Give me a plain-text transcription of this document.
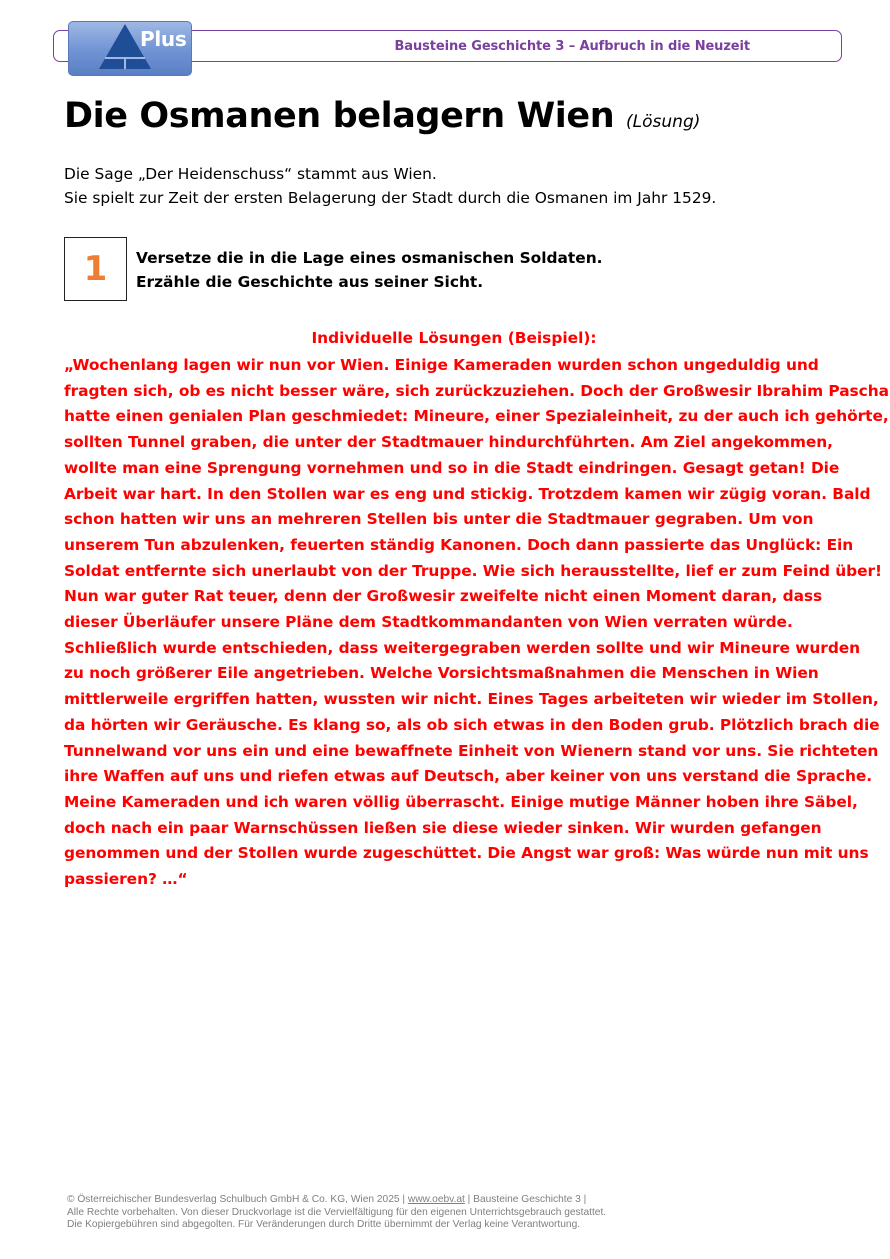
Bausteine Geschichte 3 – Aufbruch in die Neuzeit
Plus
Die Osmanen belagern Wien (Lösung)
Die Sage „Der Heidenschuss“ stammt aus Wien.
Sie spielt zur Zeit der ersten Belagerung der Stadt durch die Osmanen im Jahr 1529.
1 Versetze die in die Lage eines osmanischen Soldaten.
Erzähle die Geschichte aus seiner Sicht.
Individuelle Lösungen (Beispiel):
„Wochenlang lagen wir nun vor Wien. Einige Kameraden wurden schon ungeduldig und
fragten sich, ob es nicht besser wäre, sich zurückzuziehen. Doch der Großwesir Ibrahim Pascha
hatte einen genialen Plan geschmiedet: Mineure, einer Spezialeinheit, zu der auch ich gehörte,
sollten Tunnel graben, die unter der Stadtmauer hindurchführten. Am Ziel angekommen,
wollte man eine Sprengung vornehmen und so in die Stadt eindringen. Gesagt getan! Die
Arbeit war hart. In den Stollen war es eng und stickig. Trotzdem kamen wir zügig voran. Bald
schon hatten wir uns an mehreren Stellen bis unter die Stadtmauer gegraben. Um von
unserem Tun abzulenken, feuerten ständig Kanonen. Doch dann passierte das Unglück: Ein
Soldat entfernte sich unerlaubt von der Truppe. Wie sich herausstellte, lief er zum Feind über!
Nun war guter Rat teuer, denn der Großwesir zweifelte nicht einen Moment daran, dass
dieser Überläufer unsere Pläne dem Stadtkommandanten von Wien verraten würde.
Schließlich wurde entschieden, dass weitergegraben werden sollte und wir Mineure wurden
zu noch größerer Eile angetrieben. Welche Vorsichtsmaßnahmen die Menschen in Wien
mittlerweile ergriffen hatten, wussten wir nicht. Eines Tages arbeiteten wir wieder im Stollen,
da hörten wir Geräusche. Es klang so, als ob sich etwas in den Boden grub. Plötzlich brach die
Tunnelwand vor uns ein und eine bewaffnete Einheit von Wienern stand vor uns. Sie richteten
ihre Waffen auf uns und riefen etwas auf Deutsch, aber keiner von uns verstand die Sprache.
Meine Kameraden und ich waren völlig überrascht. Einige mutige Männer hoben ihre Säbel,
doch nach ein paar Warnschüssen ließen sie diese wieder sinken. Wir wurden gefangen
genommen und der Stollen wurde zugeschüttet. Die Angst war groß: Was würde nun mit uns
passieren? …“
© Österreichischer Bundesverlag Schulbuch GmbH & Co. KG, Wien 2025 | www.oebv.at | Bausteine Geschichte 3 |
Alle Rechte vorbehalten. Von dieser Druckvorlage ist die Vervielfältigung für den eigenen Unterrichtsgebrauch gestattet.
Die Kopiergebühren sind abgegolten. Für Veränderungen durch Dritte übernimmt der Verlag keine Verantwortung.
